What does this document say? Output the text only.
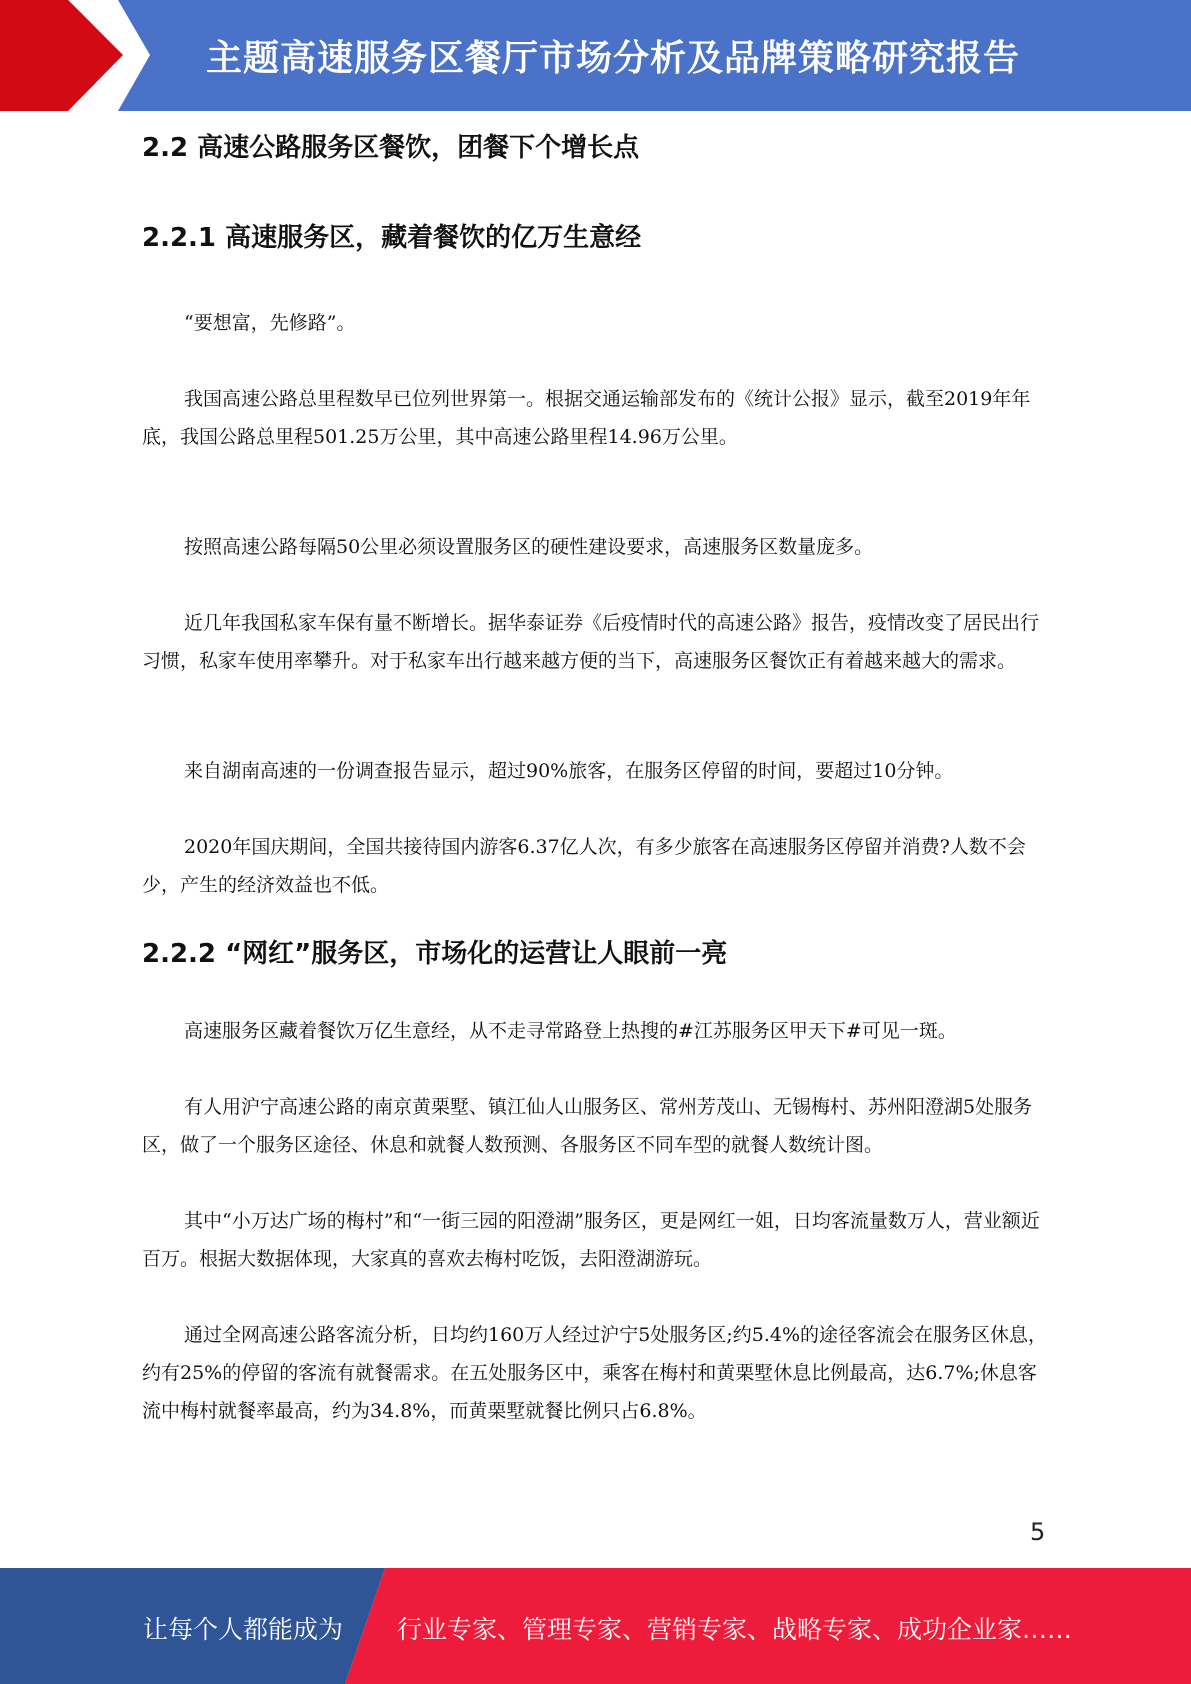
主题高速服务区餐厅市场分析及品牌策略研究报告
2.2 高速公路服务区餐饮，团餐下个增长点
2.2.1 高速服务区，藏着餐饮的亿万生意经

“要想富，先修路”。

我国高速公路总里程数早已位列世界第一。根据交通运输部发布的《统计公报》显示，截至2019年年底，我国公路总里程501.25万公里，其中高速公路里程14.96万公里。

按照高速公路每隔50公里必须设置服务区的硬性建设要求，高速服务区数量庞多。

近几年我国私家车保有量不断增长。据华泰证券《后疫情时代的高速公路》报告，疫情改变了居民出行习惯，私家车使用率攀升。对于私家车出行越来越方便的当下，高速服务区餐饮正有着越来越大的需求。

来自湖南高速的一份调查报告显示，超过90%旅客，在服务区停留的时间，要超过10分钟。

2020年国庆期间，全国共接待国内游客6.37亿人次，有多少旅客在高速服务区停留并消费?人数不会少，产生的经济效益也不低。

2.2.2 “网红”服务区，市场化的运营让人眼前一亮

高速服务区藏着餐饮万亿生意经，从不走寻常路登上热搜的#江苏服务区甲天下#可见一斑。

有人用沪宁高速公路的南京黄栗墅、镇江仙人山服务区、常州芳茂山、无锡梅村、苏州阳澄湖5处服务区，做了一个服务区途径、休息和就餐人数预测、各服务区不同车型的就餐人数统计图。

其中“小万达广场的梅村”和“一街三园的阳澄湖”服务区，更是网红一姐，日均客流量数万人，营业额近百万。根据大数据体现，大家真的喜欢去梅村吃饭，去阳澄湖游玩。

通过全网高速公路客流分析，日均约160万人经过沪宁5处服务区;约5.4%的途径客流会在服务区休息，约有25%的停留的客流有就餐需求。在五处服务区中，乘客在梅村和黄栗墅休息比例最高，达6.7%;休息客流中梅村就餐率最高，约为34.8%，而黄栗墅就餐比例只占6.8%。

5
让每个人都能成为 行业专家、管理专家、营销专家、战略专家、成功企业家……
